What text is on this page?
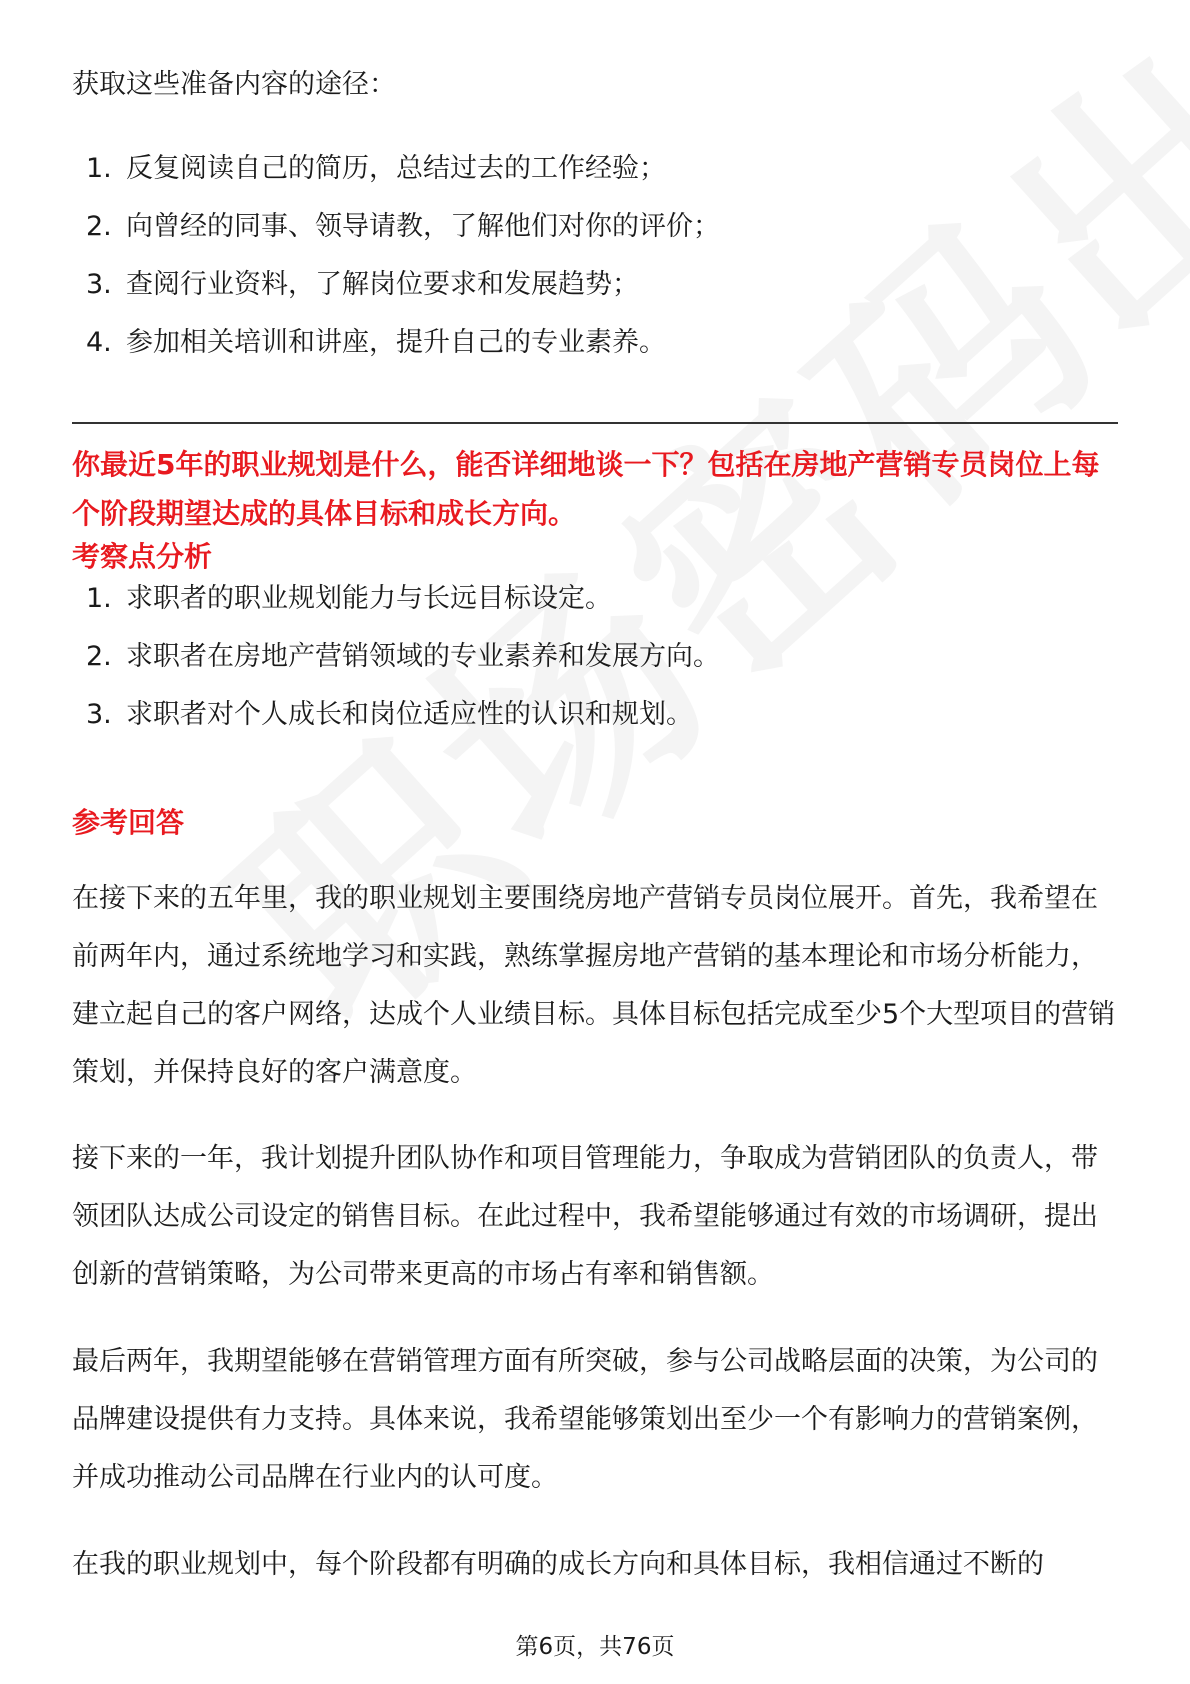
获取这些准备内容的途径：

1. 反复阅读自己的简历，总结过去的工作经验；
2. 向曾经的同事、领导请教，了解他们对你的评价；
3. 查阅行业资料，了解岗位要求和发展趋势；
4. 参加相关培训和讲座，提升自己的专业素养。

你最近5年的职业规划是什么，能否详细地谈一下？包括在房地产营销专员岗位上每个阶段期望达成的具体目标和成长方向。

考察点分析
1. 求职者的职业规划能力与长远目标设定。
2. 求职者在房地产营销领域的专业素养和发展方向。
3. 求职者对个人成长和岗位适应性的认识和规划。
参考回答

在接下来的五年里，我的职业规划主要围绕房地产营销专员岗位展开。首先，我希望在前两年内，通过系统地学习和实践，熟练掌握房地产营销的基本理论和市场分析能力，建立起自己的客户网络，达成个人业绩目标。具体目标包括完成至少5个大型项目的营销策划，并保持良好的客户满意度。

接下来的一年，我计划提升团队协作和项目管理能力，争取成为营销团队的负责人，带领团队达成公司设定的销售目标。在此过程中，我希望能够通过有效的市场调研，提出创新的营销策略，为公司带来更高的市场占有率和销售额。

最后两年，我期望能够在营销管理方面有所突破，参与公司战略层面的决策，为公司的品牌建设提供有力支持。具体来说，我希望能够策划出至少一个有影响力的营销案例，并成功推动公司品牌在行业内的认可度。

在我的职业规划中，每个阶段都有明确的成长方向和具体目标，我相信通过不断的

第6页，共76页
